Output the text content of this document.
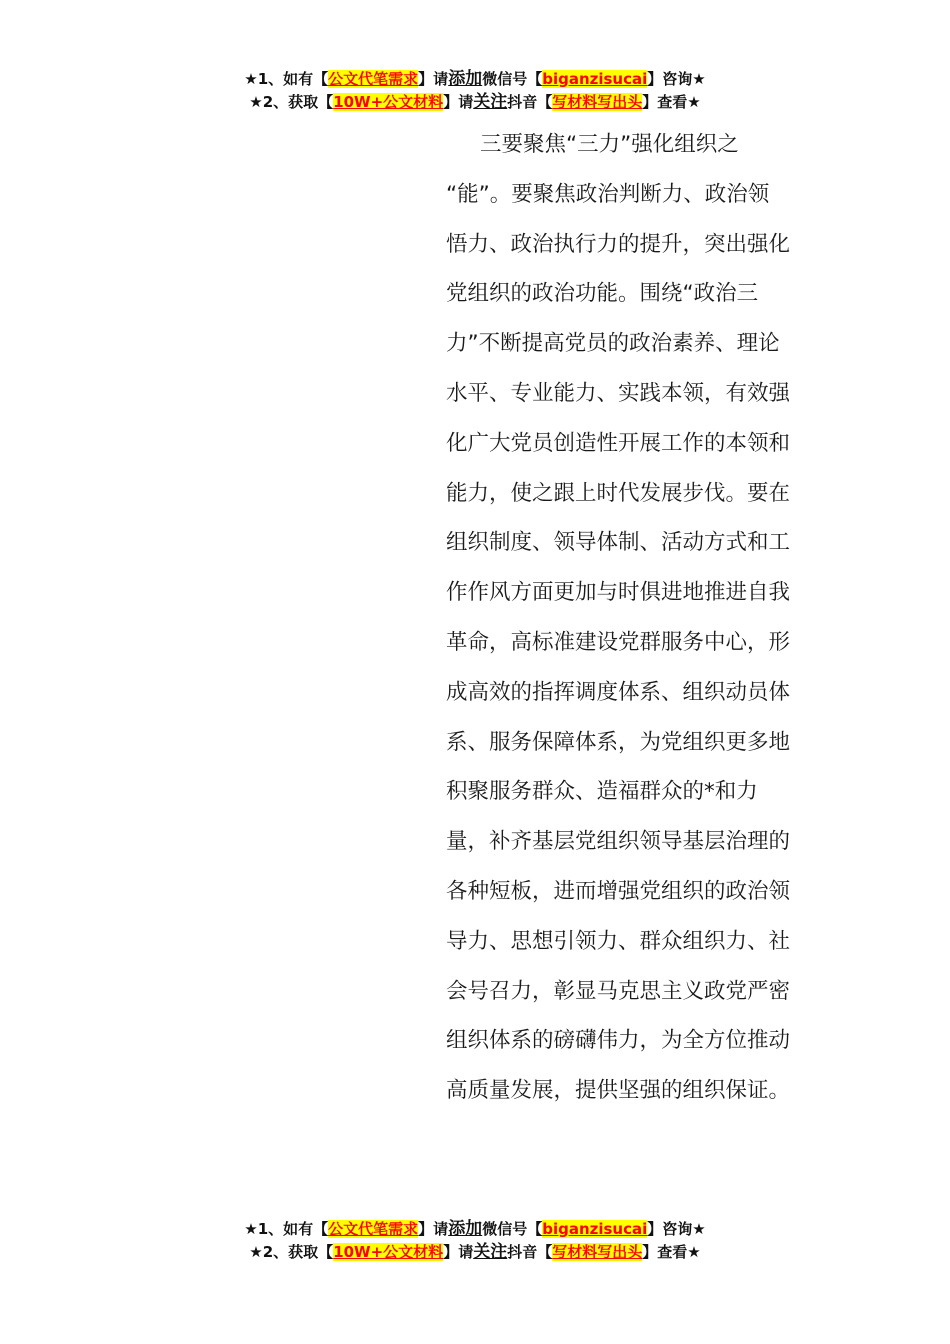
★1、如有【公文代笔需求】请添加微信号【biganzisucai】咨询★
★2、获取【10W+公文材料】请关注抖音【写材料写出头】查看★
三要聚焦“三力”强化组织之
“能”。要聚焦政治判断力、政治领
悟力、政治执行力的提升，突出强化
党组织的政治功能。围绕“政治三
力”不断提高党员的政治素养、理论
水平、专业能力、实践本领，有效强
化广大党员创造性开展工作的本领和
能力，使之跟上时代发展步伐。要在
组织制度、领导体制、活动方式和工
作作风方面更加与时俱进地推进自我
革命，高标准建设党群服务中心，形
成高效的指挥调度体系、组织动员体
系、服务保障体系，为党组织更多地
积聚服务群众、造福群众的*和力
量，补齐基层党组织领导基层治理的
各种短板，进而增强党组织的政治领
导力、思想引领力、群众组织力、社
会号召力，彰显马克思主义政党严密
组织体系的磅礴伟力，为全方位推动
高质量发展，提供坚强的组织保证。
★1、如有【公文代笔需求】请添加微信号【biganzisucai】咨询★
★2、获取【10W+公文材料】请关注抖音【写材料写出头】查看★
